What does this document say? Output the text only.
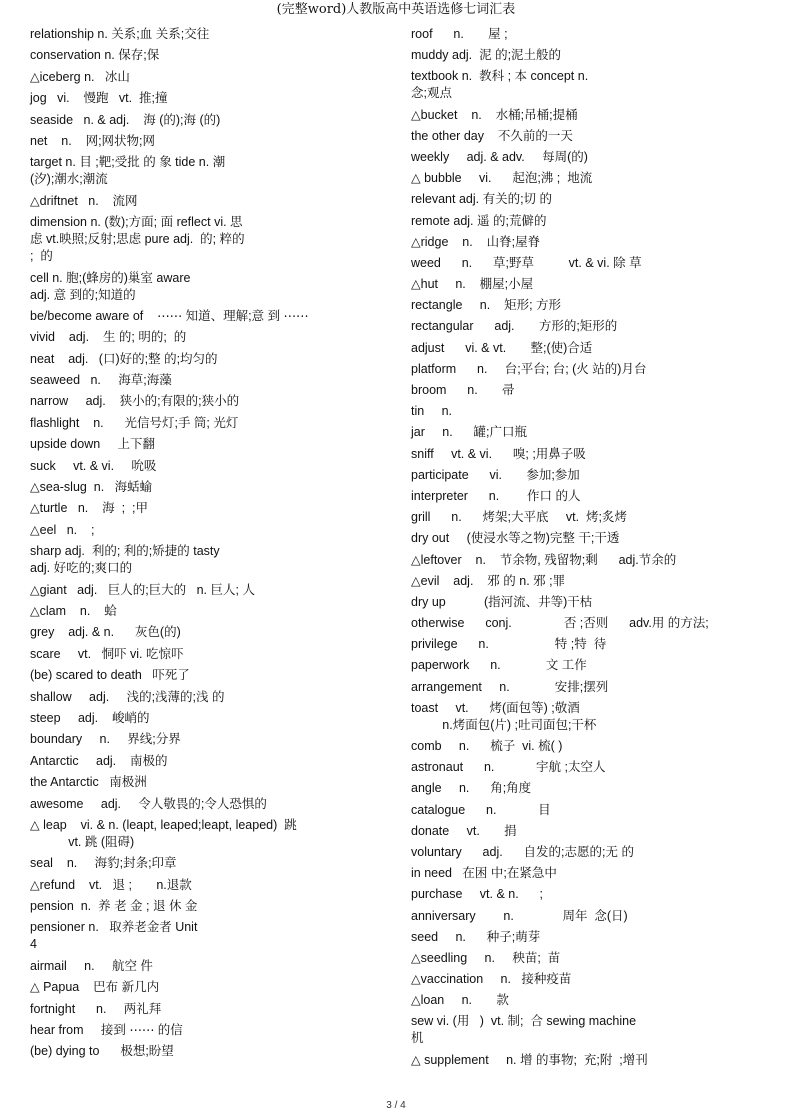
(完整word)人教版高中英语选修七词汇表
relationship n. 关系;血 关系;交往
conservation n. 保存;保
△iceberg n.   冰山
jog   vi.    慢跑   vt.  推;撞
seaside   n. & adj.    海 (的);海 (的)
net    n.    网;网状物;网
target n. 目 ;靶;受批 的 象 tide n. 潮
(汐);潮水;潮流
△driftnet   n.    流网
dimension n. (数);方面; 面 reflect vi. 思
虑 vt.映照;反射;思虑 pure adj.  的; 粹的
;  的
cell n. 胞;(蜂房的)巢室 aware
adj. 意 到的;知道的
be/become aware of    ⋯⋯ 知道、理解;意 到 ⋯⋯
vivid    adj.    生 的; 明的;  的
neat    adj.   (口)好的;整 的;均匀的
seaweed   n.     海草;海藻
narrow     adj.    狭小的;有限的;狭小的
flashlight    n.      光信号灯;手 筒; 光灯
upside down     上下翻
suck     vt. & vi.     吮吸
△sea-slug  n.   海蛞蝓
△turtle   n.    海  ;  ;甲
△eel   n.    ;
sharp adj.  利的; 利的;矫捷的 tasty
adj. 好吃的;爽口的
△giant   adj.   巨人的;巨大的   n. 巨人; 人
△clam    n.    蛤
grey    adj. & n.      灰色(的)
scare     vt.   恫吓 vi. 吃惊吓
(be) scared to death   吓死了
shallow     adj.     浅的;浅薄的;浅 的
steep     adj.    峻峭的
boundary     n.     界线;分界
Antarctic     adj.    南极的
the Antarctic   南极洲
awesome     adj.     令人敬畏的;令人恐惧的
△ leap    vi. & n. (leapt, leaped;leapt, leaped)  跳
vt. 跳 (阻碍)
seal    n.     海豹;封条;印章
△refund    vt.   退 ;       n.退款
pension  n.  养 老 金 ; 退 休 金
pensioner n.   取养老金者 Unit
4
airmail     n.     航空 件
△ Papua    巴布 新几内
fortnight      n.     两礼拜
hear from     接到 ⋯⋯ 的信
(be) dying to      极想;盼望
roof      n.       屋 ;
muddy adj.  泥 的;泥土般的
textbook n.  教科 ; 本 concept n.
念;观点
△bucket    n.    水桶;吊桶;提桶
the other day    不久前的一天
weekly     adj. & adv.     每周(的)
△ bubble     vi.      起泡;沸 ;  地流
relevant adj. 有关的;切 的
remote adj. 遥 的;荒僻的
△ridge    n.    山脊;屋脊
weed      n.      草;野草          vt. & vi. 除 草
△hut     n.    棚屋;小屋
rectangle     n.    矩形; 方形
rectangular      adj.       方形的;矩形的
adjust      vi. & vt.       整;(使)合适
platform      n.     台;平台; 台; (火 站的)月台
broom      n.       帚
tin     n.
jar     n.      罐;广口瓶
sniff     vt. & vi.      嗅; ;用鼻子吸
participate      vi.       参加;参加
interpreter      n.        作口 的人
grill      n.      烤架;大平底     vt.  烤;炙烤
dry out     (使浸水等之物)完整 干;干透
△leftover    n.    节余物, 残留物;剩      adj.节余的
△evil    adj.    邪 的 n. 邪 ;罪
dry up           (指河流、井等)干枯
otherwise      conj.               否 ;否则      adv.用 的方法;
privilege      n.                   特 ;特  待
paperwork      n.             文 工作
arrangement     n.             安排;摆列
toast     vt.      烤(面包等) ;敬酒
n.烤面包(片) ;吐司面包;干杯
comb     n.      梳子  vi. 梳( )
astronaut      n.            宇航 ;太空人
angle     n.      角;角度
catalogue      n.            目
donate     vt.       捐
voluntary      adj.      自发的;志愿的;无 的
in need   在困 中;在紧急中
purchase     vt. & n.      ;
anniversary        n.              周年  念(日)
seed     n.      种子;萌芽
△seedling     n.     秧苗;  苗
△vaccination     n.   接种疫苗
△loan     n.       款
sew vi. (用   )  vt. 制;  合 sewing machine
机
△ supplement     n. 增 的事物;  充;附  ;增刊
3 / 4
